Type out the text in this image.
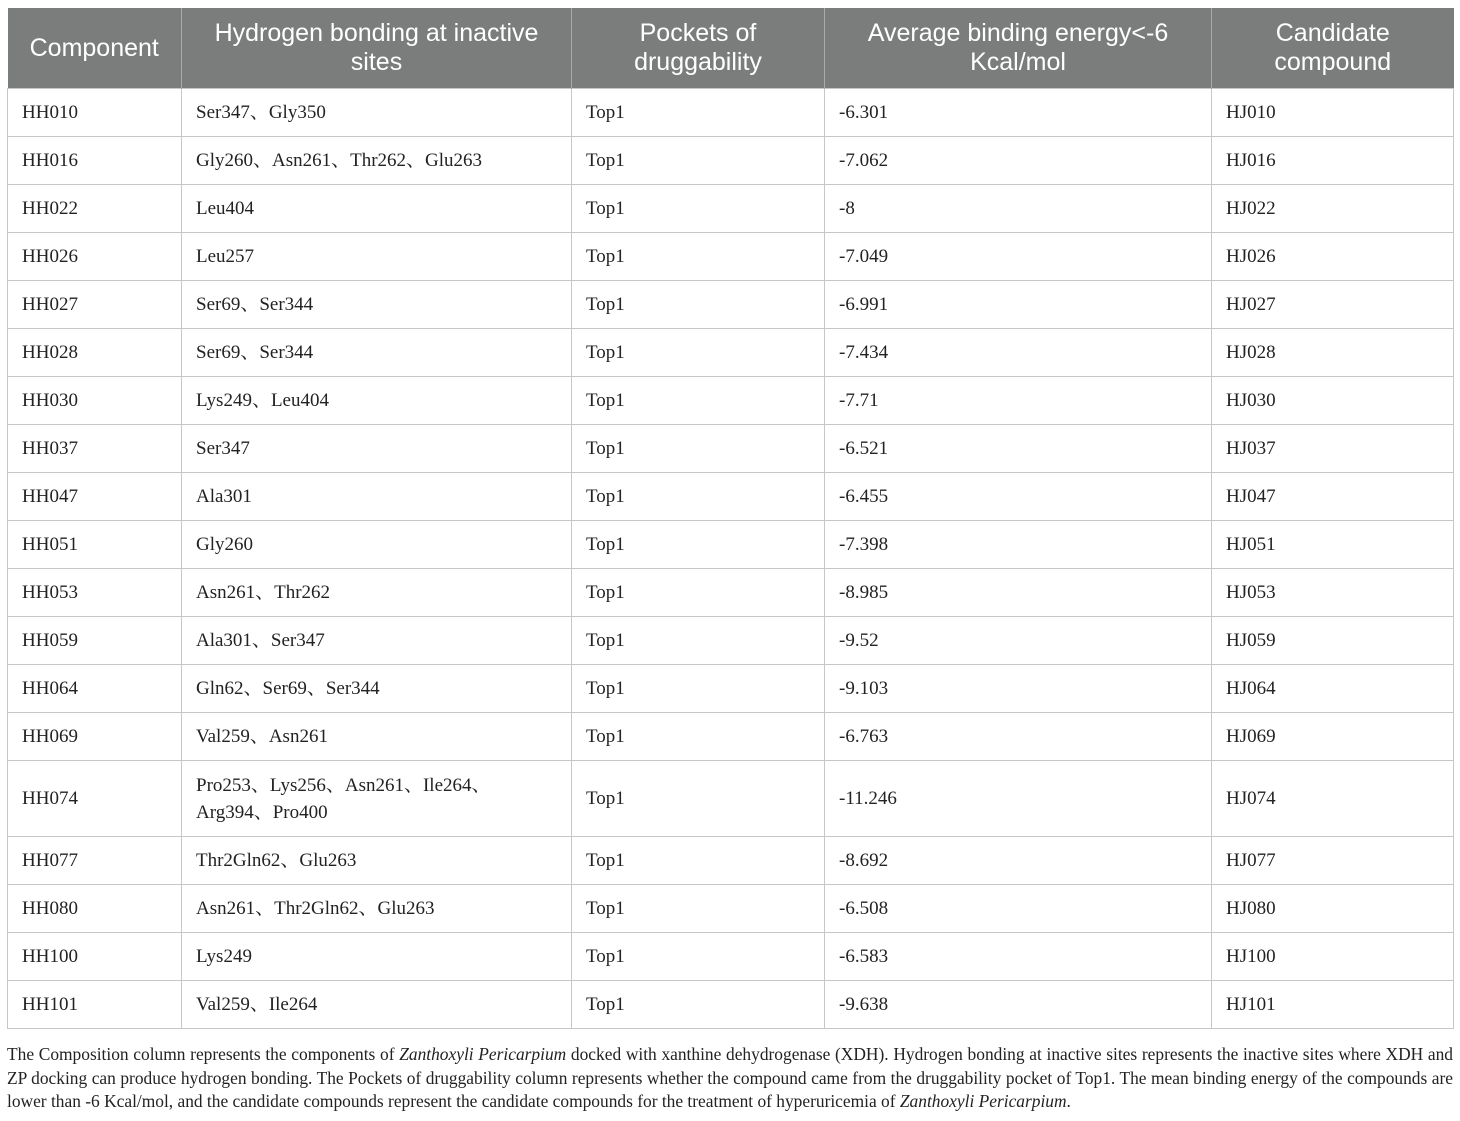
Component	Hydrogen bonding at inactive sites	Pockets of druggability	Average binding energy<-6 Kcal/mol	Candidate compound
HH010	Ser347、Gly350	Top1	-6.301	HJ010
HH016	Gly260、Asn261、Thr262、Glu263	Top1	-7.062	HJ016
HH022	Leu404	Top1	-8	HJ022
HH026	Leu257	Top1	-7.049	HJ026
HH027	Ser69、Ser344	Top1	-6.991	HJ027
HH028	Ser69、Ser344	Top1	-7.434	HJ028
HH030	Lys249、Leu404	Top1	-7.71	HJ030
HH037	Ser347	Top1	-6.521	HJ037
HH047	Ala301	Top1	-6.455	HJ047
HH051	Gly260	Top1	-7.398	HJ051
HH053	Asn261、Thr262	Top1	-8.985	HJ053
HH059	Ala301、Ser347	Top1	-9.52	HJ059
HH064	Gln62、Ser69、Ser344	Top1	-9.103	HJ064
HH069	Val259、Asn261	Top1	-6.763	HJ069
HH074	Pro253、Lys256、Asn261、Ile264、Arg394、Pro400	Top1	-11.246	HJ074
HH077	Thr2Gln62、Glu263	Top1	-8.692	HJ077
HH080	Asn261、Thr2Gln62、Glu263	Top1	-6.508	HJ080
HH100	Lys249	Top1	-6.583	HJ100
HH101	Val259、Ile264	Top1	-9.638	HJ101
The Composition column represents the components of Zanthoxyli Pericarpium docked with xanthine dehydrogenase (XDH). Hydrogen bonding at inactive sites represents the inactive sites where XDH and ZP docking can produce hydrogen bonding. The Pockets of druggability column represents whether the compound came from the druggability pocket of Top1. The mean binding energy of the compounds are lower than -6 Kcal/mol, and the candidate compounds represent the candidate compounds for the treatment of hyperuricemia of Zanthoxyli Pericarpium.
